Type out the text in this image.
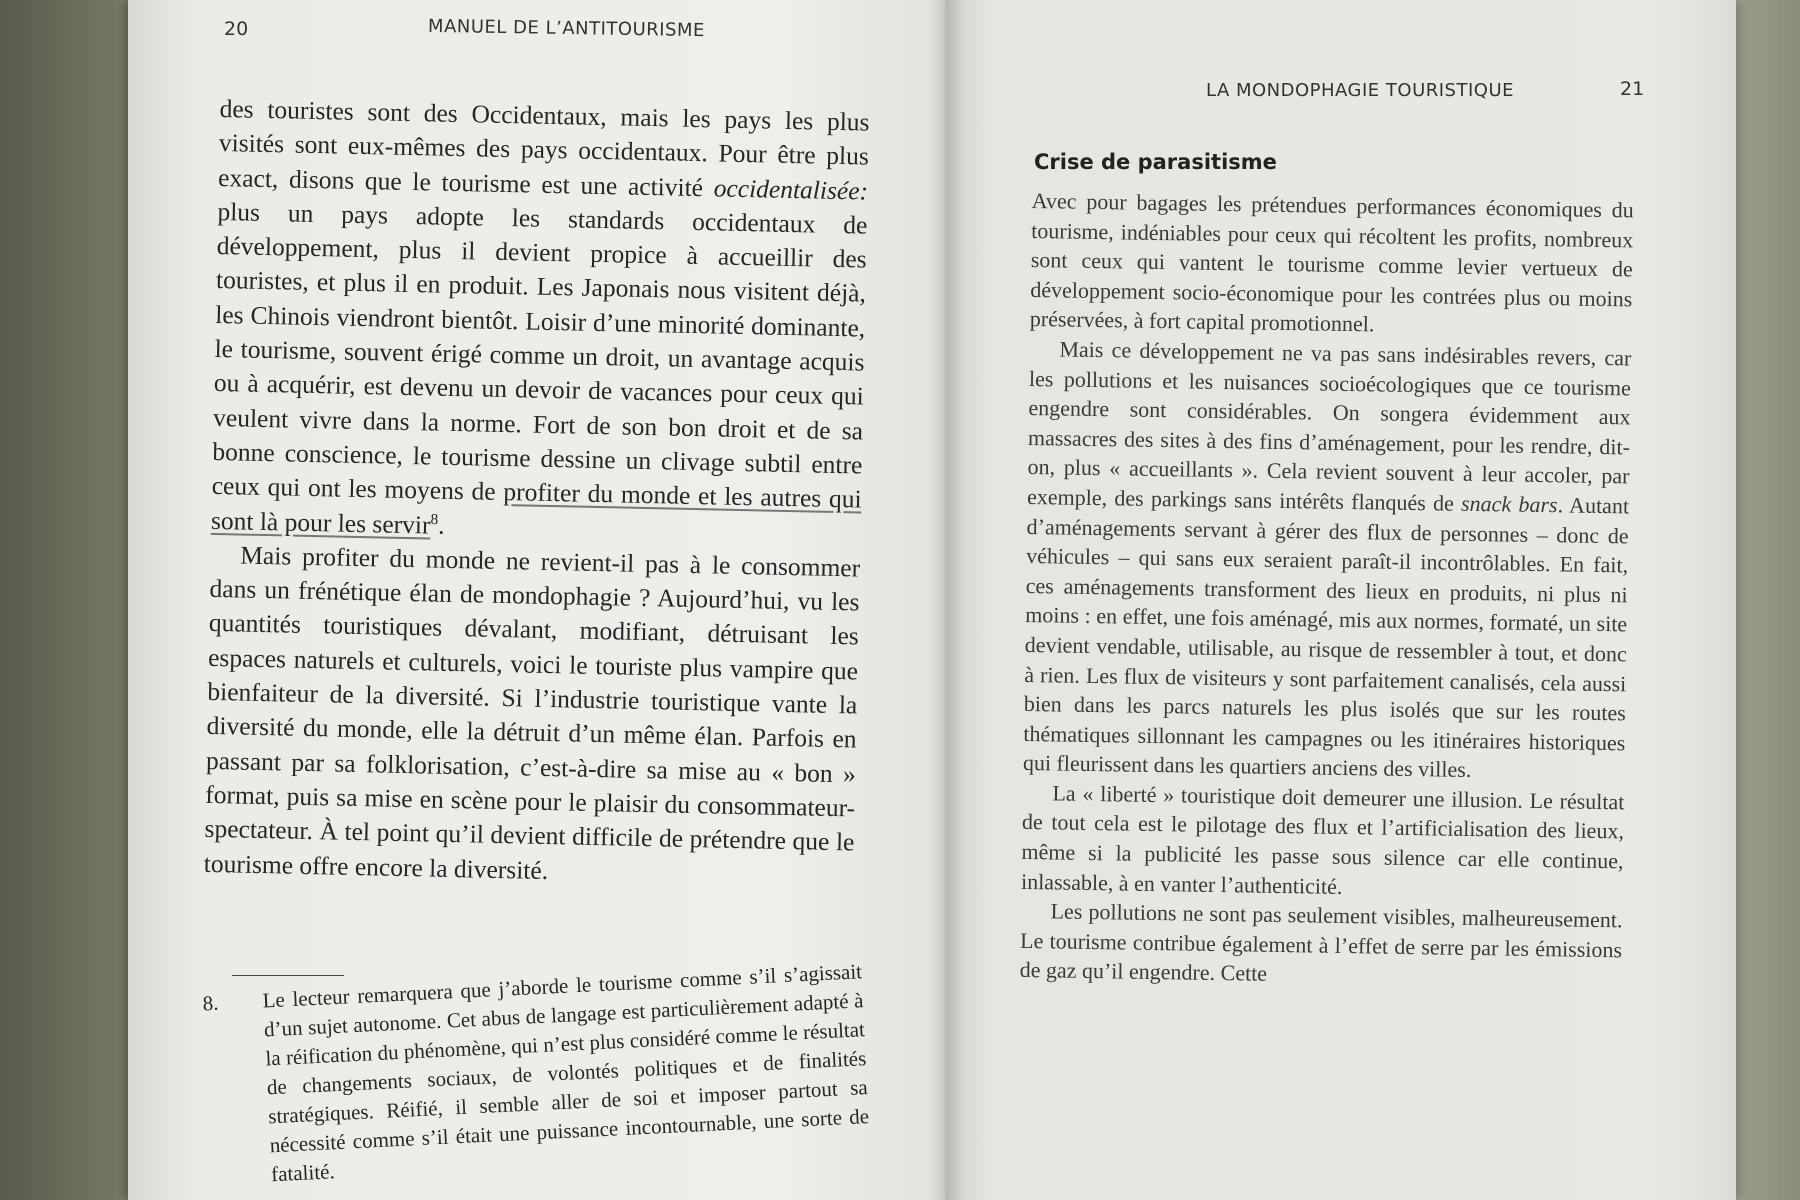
20	MANUEL DE L’ANTITOURISME

des touristes sont des Occidentaux, mais les pays les plus visités sont eux-mêmes des pays occidentaux. Pour être plus exact, disons que le tourisme est une activité occidentalisée: plus un pays adopte les standards occidentaux de développement, plus il devient propice à accueillir des touristes, et plus il en produit. Les Japonais nous visitent déjà, les Chinois viendront bientôt. Loisir d’une minorité dominante, le tourisme, souvent érigé comme un droit, un avantage acquis ou à acquérir, est devenu un devoir de vacances pour ceux qui veulent vivre dans la norme. Fort de son bon droit et de sa bonne conscience, le tourisme dessine un clivage subtil entre ceux qui ont les moyens de profiter du monde et les autres qui sont là pour les servir$^8$.

Mais profiter du monde ne revient-il pas à le consommer dans un frénétique élan de mondophagie ? Aujourd’hui, vu les quantités touristiques dévalant, modifiant, détruisant les espaces naturels et culturels, voici le touriste plus vampire que bienfaiteur de la diversité. Si l’industrie touristique vante la diversité du monde, elle la détruit d’un même élan. Parfois en passant par sa folklorisation, c’est-à-dire sa mise au « bon » format, puis sa mise en scène pour le plaisir du consommateur-spectateur. À tel point qu’il devient difficile de prétendre que le tourisme offre encore la diversité.

8. Le lecteur remarquera que j’aborde le tourisme comme s’il s’agissait d’un sujet autonome. Cet abus de langage est particulièrement adapté à la réification du phénomène, qui n’est plus considéré comme le résultat de changements sociaux, de volontés politiques et de finalités stratégiques. Réifié, il semble aller de soi et imposer partout sa nécessité comme s’il était une puissance incontournable, une sorte de fatalité.
LA MONDOPHAGIE TOURISTIQUE	21
Crise de parasitisme

Avec pour bagages les prétendues performances économiques du tourisme, indéniables pour ceux qui récoltent les profits, nombreux sont ceux qui vantent le tourisme comme levier vertueux de développement socio-économique pour les contrées plus ou moins préservées, à fort capital promotionnel.

Mais ce développement ne va pas sans indésirables revers, car les pollutions et les nuisances socioécologiques que ce tourisme engendre sont considérables. On songera évidemment aux massacres des sites à des fins d’aménagement, pour les rendre, dit-on, plus « accueillants ». Cela revient souvent à leur accoler, par exemple, des parkings sans intérêts flanqués de snack bars. Autant d’aménagements servant à gérer des flux de personnes – donc de véhicules – qui sans eux seraient paraît-il incontrôlables. En fait, ces aménagements transforment des lieux en produits, ni plus ni moins : en effet, une fois aménagé, mis aux normes, formaté, un site devient vendable, utilisable, au risque de ressembler à tout, et donc à rien. Les flux de visiteurs y sont parfaitement canalisés, cela aussi bien dans les parcs naturels les plus isolés que sur les routes thématiques sillonnant les campagnes ou les itinéraires historiques qui fleurissent dans les quartiers anciens des villes.

La « liberté » touristique doit demeurer une illusion. Le résultat de tout cela est le pilotage des flux et l’artificialisation des lieux, même si la publicité les passe sous silence car elle continue, inlassable, à en vanter l’authenticité.

Les pollutions ne sont pas seulement visibles, malheureusement. Le tourisme contribue également à l’effet de serre par les émissions de gaz qu’il engendre. Cette
